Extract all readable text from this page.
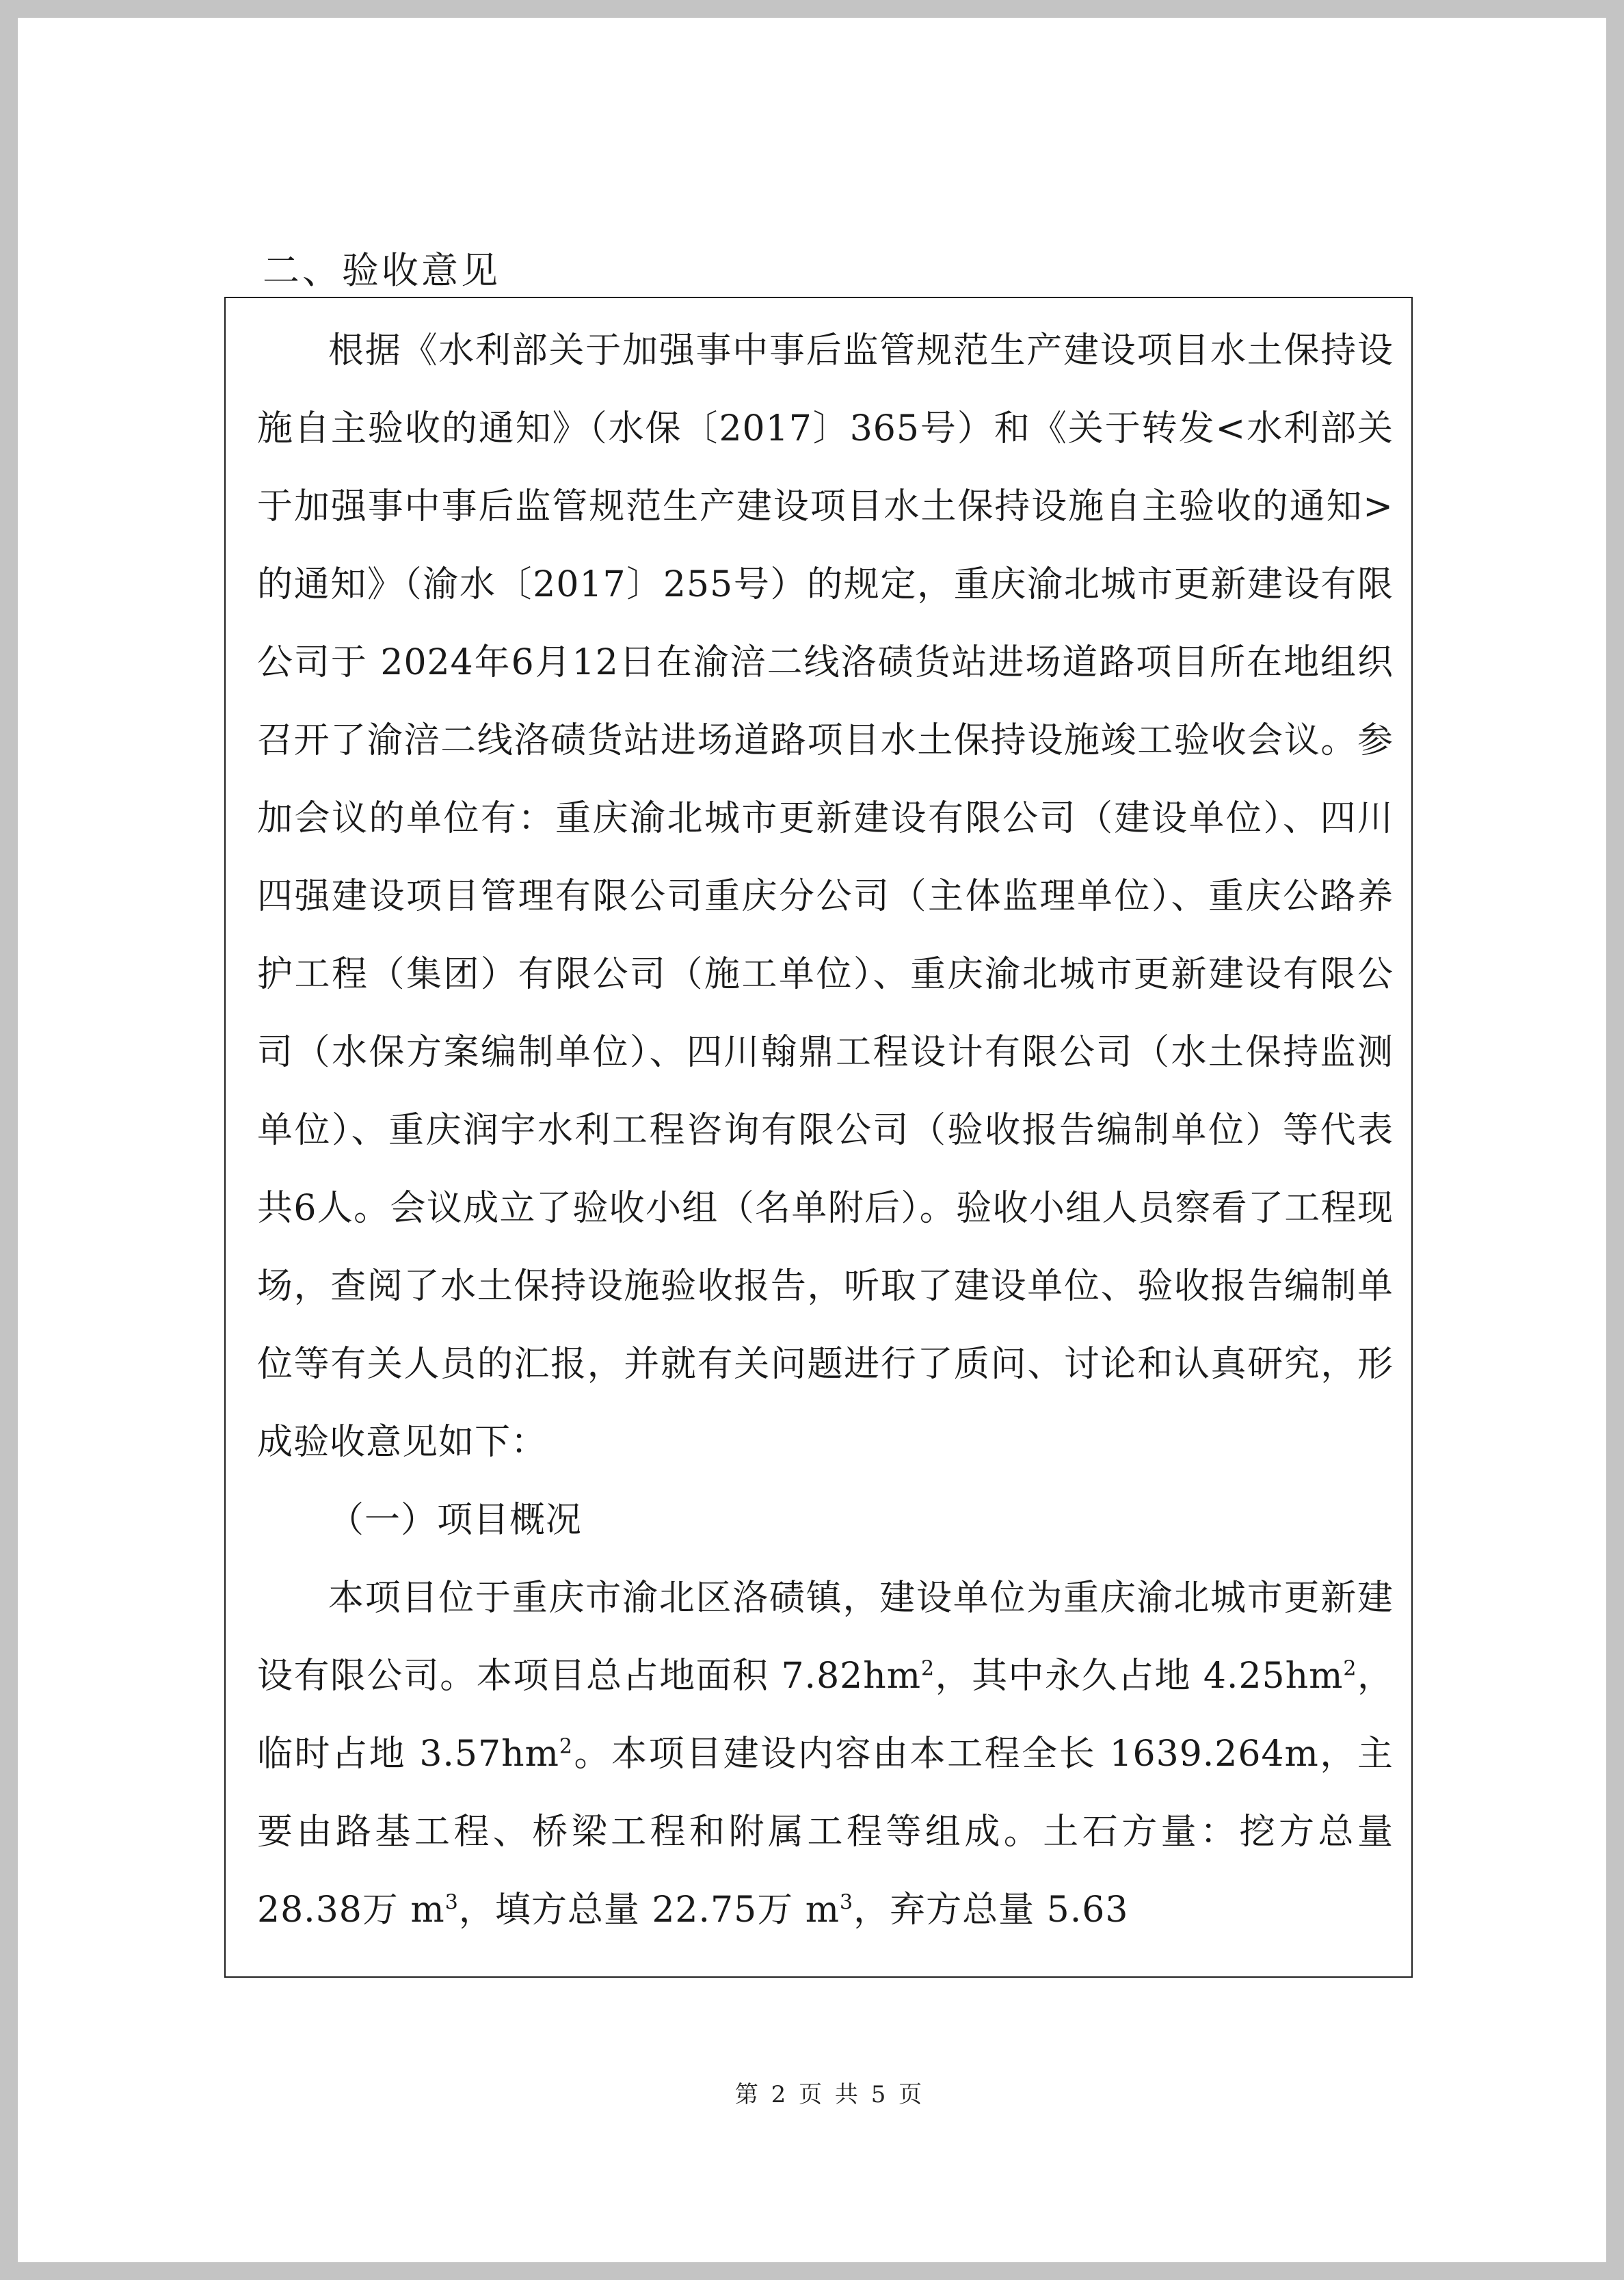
二、验收意见

根据《水利部关于加强事中事后监管规范生产建设项目水土保持设施自主验收的通知》（水保〔2017〕365号）和《关于转发<水利部关于加强事中事后监管规范生产建设项目水土保持设施自主验收的通知>的通知》（渝水〔2017〕255号）的规定，重庆渝北城市更新建设有限公司于 2024年6月12日在渝涪二线洛碛货站进场道路项目所在地组织召开了渝涪二线洛碛货站进场道路项目水土保持设施竣工验收会议。参加会议的单位有：重庆渝北城市更新建设有限公司（建设单位）、四川四强建设项目管理有限公司重庆分公司（主体监理单位）、重庆公路养护工程（集团）有限公司（施工单位）、重庆渝北城市更新建设有限公司（水保方案编制单位）、四川翰鼎工程设计有限公司（水土保持监测单位）、重庆润宇水利工程咨询有限公司（验收报告编制单位）等代表共6人。会议成立了验收小组（名单附后）。验收小组人员察看了工程现场，查阅了水土保持设施验收报告，听取了建设单位、验收报告编制单位等有关人员的汇报，并就有关问题进行了质问、讨论和认真研究，形成验收意见如下：

（一）项目概况

本项目位于重庆市渝北区洛碛镇，建设单位为重庆渝北城市更新建设有限公司。本项目总占地面积 $7.82hm^2$，其中永久占地 $4.25hm^2$，临时占地 $3.57hm^2$。本项目建设内容由本工程全长 1639.264m，主要由路基工程、桥梁工程和附属工程等组成。土石方量：挖方总量 28.38万 $m^3$，填方总量 22.75万 $m^3$，弃方总量 5.63

第 2 页 共 5 页
